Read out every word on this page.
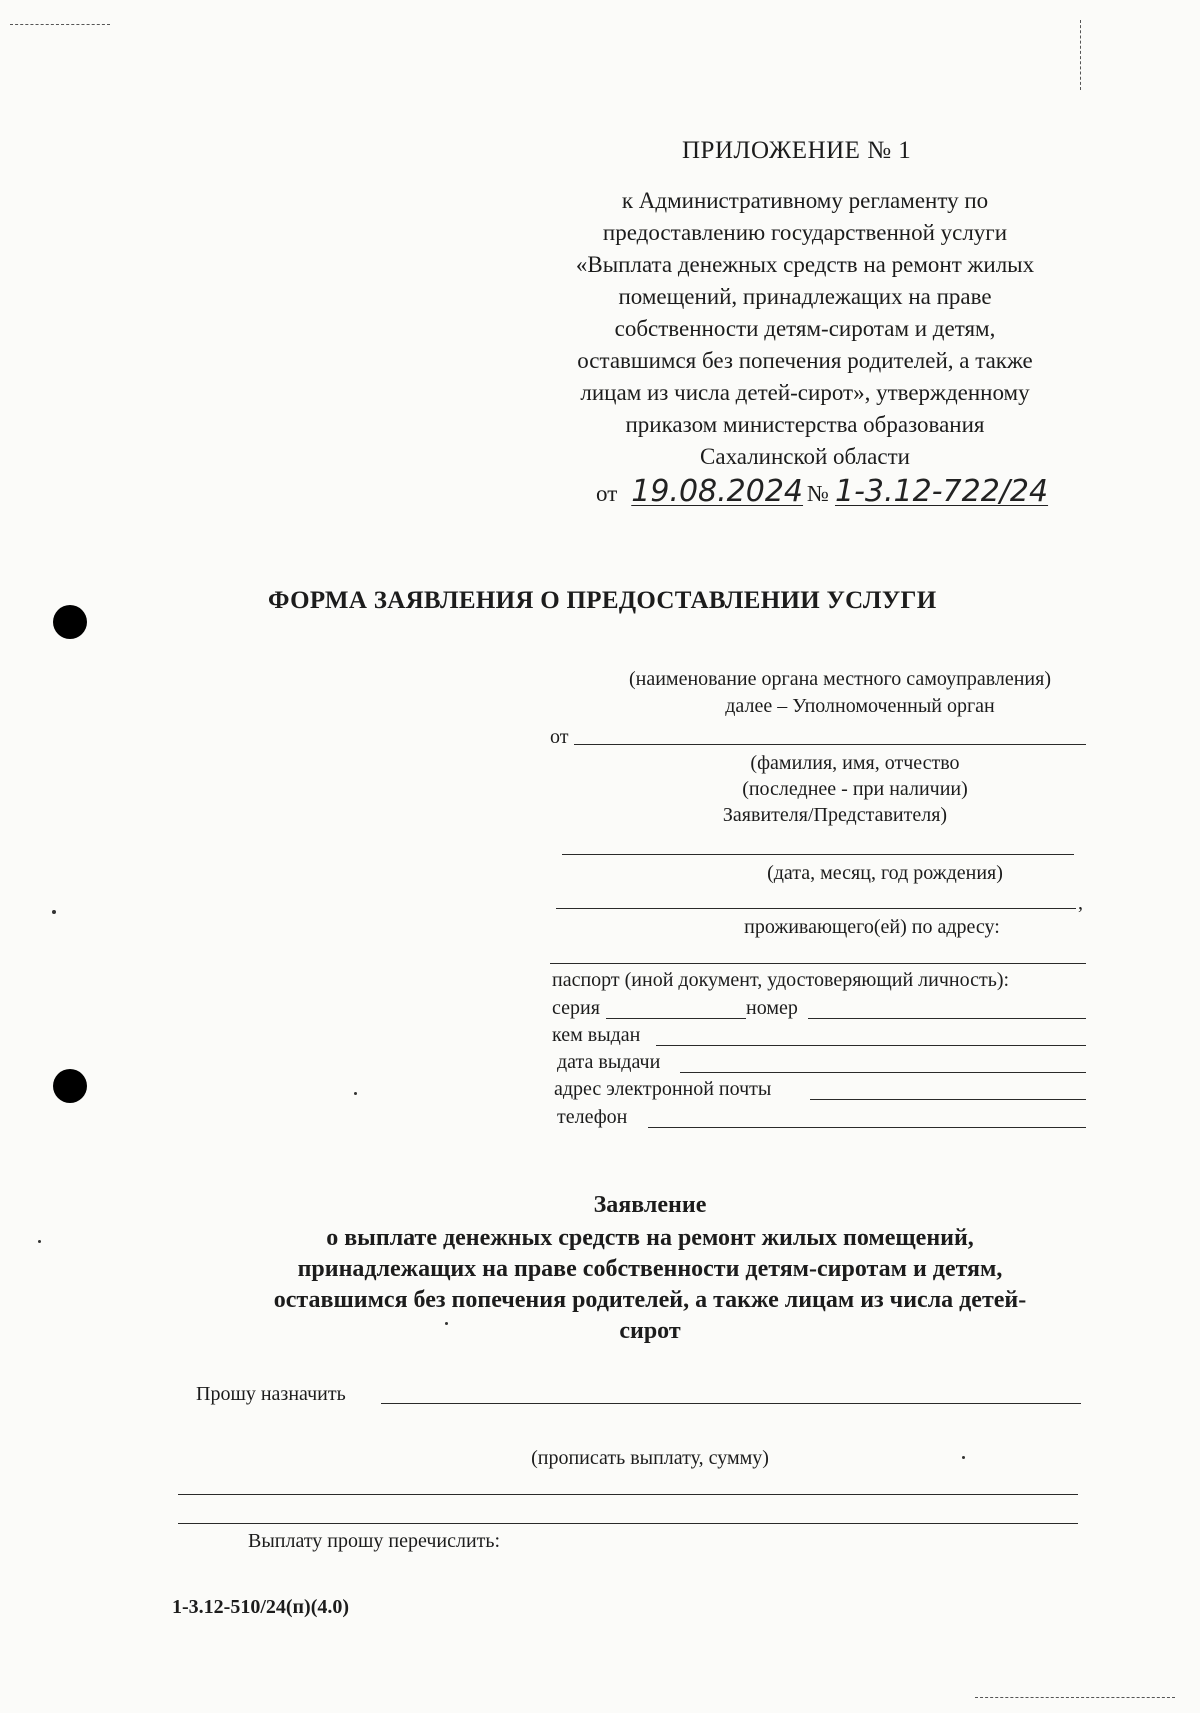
ПРИЛОЖЕНИЕ № 1
к Административному регламенту по
предоставлению государственной услуги
«Выплата денежных средств на ремонт жилых
помещений, принадлежащих на праве
собственности детям-сиротам и детям,
оставшимся без попечения родителей, а также
лицам из числа детей-сирот», утвержденному
приказом министерства образования
Сахалинской области
от 19.08.2024 № 1-3.12-722/24
ФОРМА ЗАЯВЛЕНИЯ О ПРЕДОСТАВЛЕНИИ УСЛУГИ
(наименование органа местного самоуправления)
далее – Уполномоченный орган
от
(фамилия, имя, отчество
(последнее - при наличии)
Заявителя/Представителя)
(дата, месяц, год рождения)
,
проживающего(ей) по адресу:
паспорт (иной документ, удостоверяющий личность):
серия	номер
кем выдан
дата выдачи
адрес электронной почты
телефон
Заявление
о выплате денежных средств на ремонт жилых помещений,
принадлежащих на праве собственности детям-сиротам и детям,
оставшимся без попечения родителей, а также лицам из числа детей-
сирот
Прошу назначить
(прописать выплату, сумму)
Выплату прошу перечислить:
1-3.12-510/24(п)(4.0)
